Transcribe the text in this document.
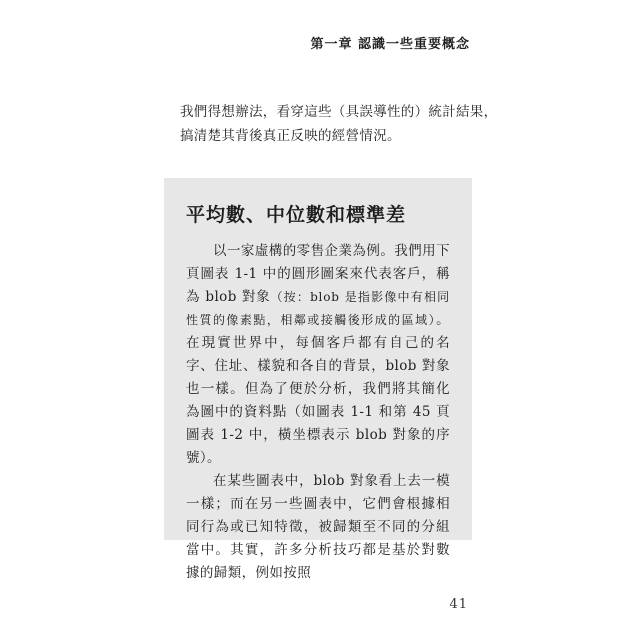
第一章 認識一些重要概念

我們得想辦法，看穿這些（具誤導性的）統計結果，搞清楚其背後真正反映的經營情況。

平均數、中位數和標準差

以一家虛構的零售企業為例。我們用下頁圖表 1-1 中的圓形圖案來代表客戶，稱為 blob 對象（按：blob 是指影像中有相同性質的像素點，相鄰或接觸後形成的區域）。在現實世界中，每個客戶都有自己的名字、住址、樣貌和各自的背景，blob 對象也一樣。但為了便於分析，我們將其簡化為圖中的資料點（如圖表 1-1 和第 45 頁圖表 1-2 中，橫坐標表示 blob 對象的序號）。

在某些圖表中，blob 對象看上去一模一樣；而在另一些圖表中，它們會根據相同行為或已知特徵，被歸類至不同的分組當中。其實，許多分析技巧都是基於對數據的歸類，例如按照

41
